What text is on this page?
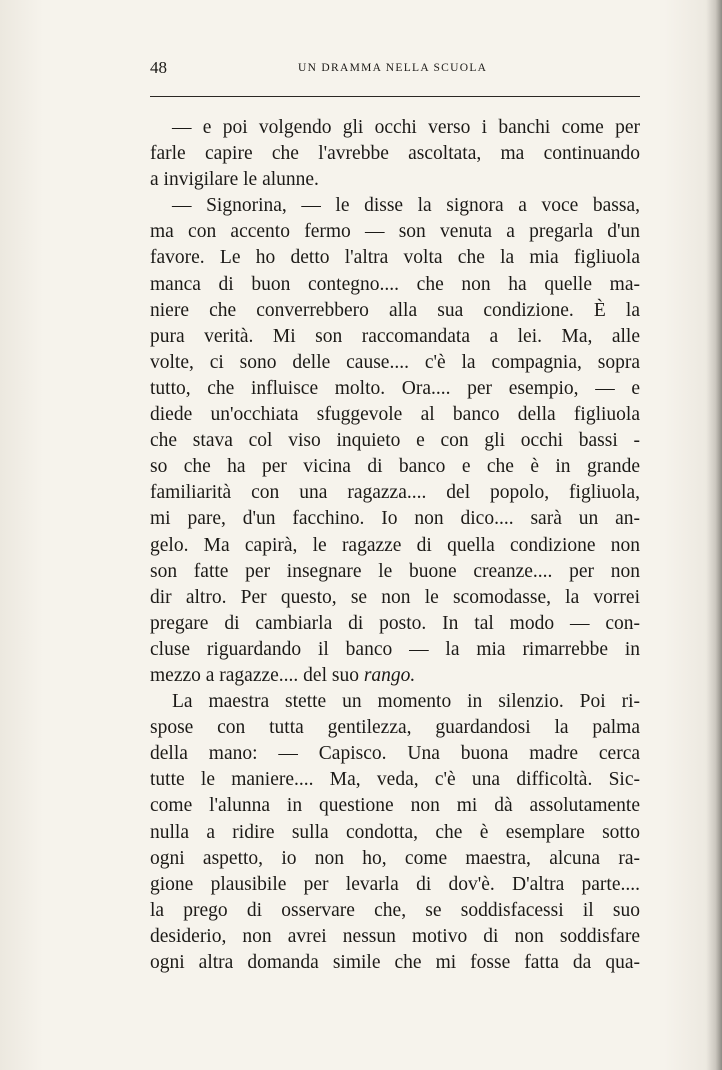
48	UN DRAMMA NELLA SCUOLA
— e poi volgendo gli occhi verso i banchi come per
farle capire che l'avrebbe ascoltata, ma continuando
a invigilare le alunne.
— Signorina, — le disse la signora a voce bassa,
ma con accento fermo — son venuta a pregarla d'un
favore. Le ho detto l'altra volta che la mia figliuola
manca di buon contegno.... che non ha quelle ma-
niere che converrebbero alla sua condizione. È la
pura verità. Mi son raccomandata a lei. Ma, alle
volte, ci sono delle cause.... c'è la compagnia, sopra
tutto, che influisce molto. Ora.... per esempio, — e
diede un'occhiata sfuggevole al banco della figliuola
che stava col viso inquieto e con gli occhi bassi -
so che ha per vicina di banco e che è in grande
familiarità con una ragazza.... del popolo, figliuola,
mi pare, d'un facchino. Io non dico.... sarà un an-
gelo. Ma capirà, le ragazze di quella condizione non
son fatte per insegnare le buone creanze.... per non
dir altro. Per questo, se non le scomodasse, la vorrei
pregare di cambiarla di posto. In tal modo — con-
cluse riguardando il banco — la mia rimarrebbe in
mezzo a ragazze.... del suo rango.
La maestra stette un momento in silenzio. Poi ri-
spose con tutta gentilezza, guardandosi la palma
della mano: — Capisco. Una buona madre cerca
tutte le maniere.... Ma, veda, c'è una difficoltà. Sic-
come l'alunna in questione non mi dà assolutamente
nulla a ridire sulla condotta, che è esemplare sotto
ogni aspetto, io non ho, come maestra, alcuna ra-
gione plausibile per levarla di dov'è. D'altra parte....
la prego di osservare che, se soddisfacessi il suo
desiderio, non avrei nessun motivo di non soddisfare
ogni altra domanda simile che mi fosse fatta da qua-
